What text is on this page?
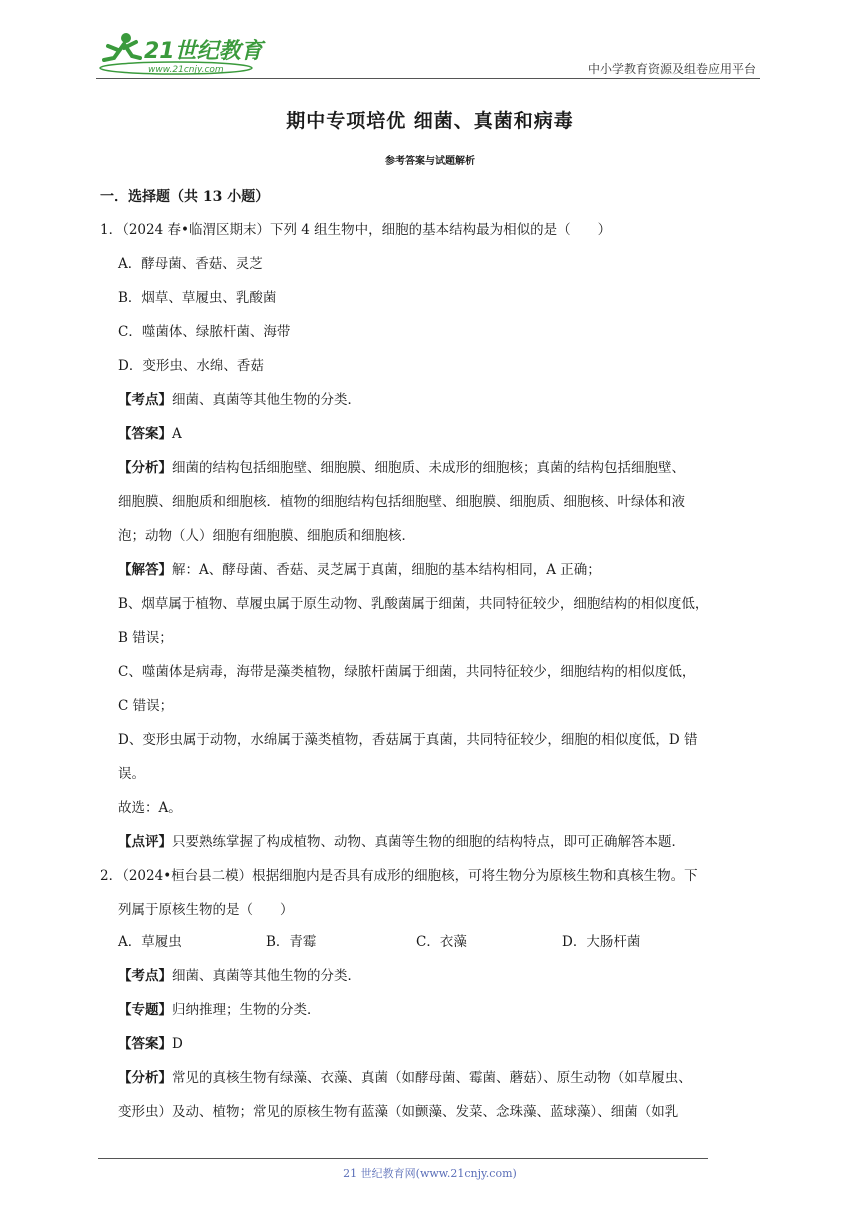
21世纪教育
www.21cnjy.com	中小学教育资源及组卷应用平台
期中专项培优 细菌、真菌和病毒
参考答案与试题解析
一．选择题（共 13 小题）
1．（2024 春•临渭区期末）下列 4 组生物中，细胞的基本结构最为相似的是（　　）
A．酵母菌、香菇、灵芝
B．烟草、草履虫、乳酸菌
C．噬菌体、绿脓杆菌、海带
D．变形虫、水绵、香菇
【考点】细菌、真菌等其他生物的分类．
【答案】A
【分析】细菌的结构包括细胞壁、细胞膜、细胞质、未成形的细胞核；真菌的结构包括细胞壁、
细胞膜、细胞质和细胞核．植物的细胞结构包括细胞壁、细胞膜、细胞质、细胞核、叶绿体和液
泡；动物（人）细胞有细胞膜、细胞质和细胞核．
【解答】解：A、酵母菌、香菇、灵芝属于真菌，细胞的基本结构相同，A 正确；
B、烟草属于植物、草履虫属于原生动物、乳酸菌属于细菌，共同特征较少，细胞结构的相似度低，
B 错误；
C、噬菌体是病毒，海带是藻类植物，绿脓杆菌属于细菌，共同特征较少，细胞结构的相似度低，
C 错误；
D、变形虫属于动物，水绵属于藻类植物，香菇属于真菌，共同特征较少，细胞的相似度低，D 错
误。
故选：A。
【点评】只要熟练掌握了构成植物、动物、真菌等生物的细胞的结构特点，即可正确解答本题．
2．（2024•桓台县二模）根据细胞内是否具有成形的细胞核，可将生物分为原核生物和真核生物。下
列属于原核生物的是（　　）
A．草履虫	B．青霉	C．衣藻	D．大肠杆菌
【考点】细菌、真菌等其他生物的分类．
【专题】归纳推理；生物的分类．
【答案】D
【分析】常见的真核生物有绿藻、衣藻、真菌（如酵母菌、霉菌、蘑菇）、原生动物（如草履虫、
变形虫）及动、植物；常见的原核生物有蓝藻（如颤藻、发菜、念珠藻、蓝球藻）、细菌（如乳
21 世纪教育网(www.21cnjy.com)
